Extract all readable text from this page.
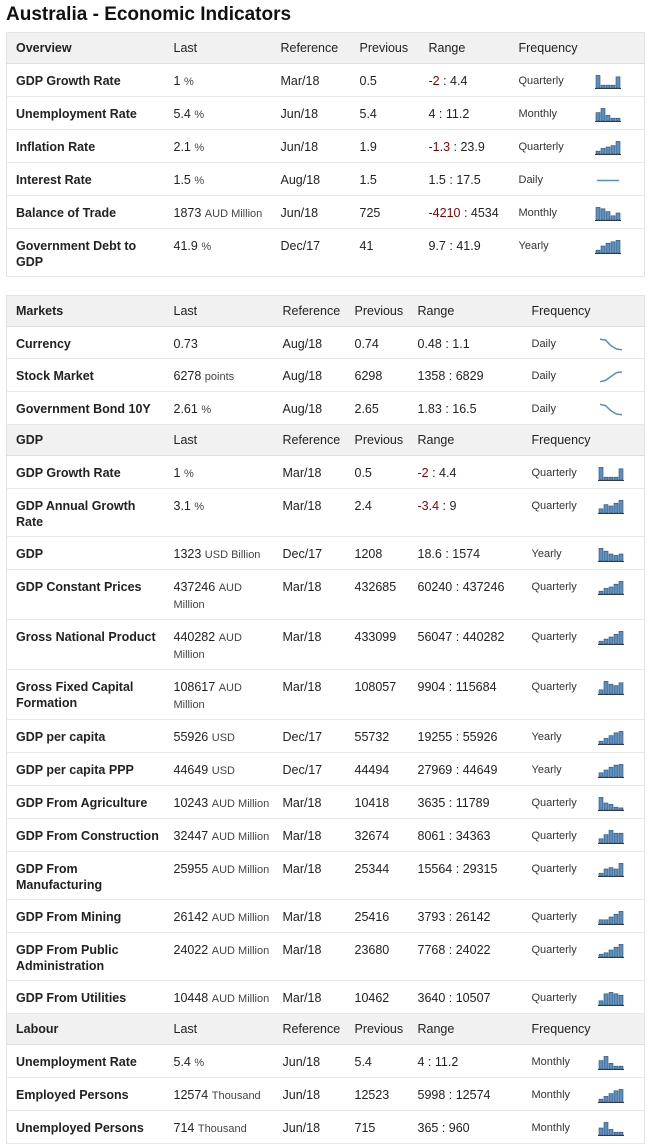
Australia - Economic Indicators
Overview	Last	Reference	Previous	Range	Frequency	
GDP Growth Rate	1 %	Mar/18	0.5	-2 : 4.4	Quarterly	

Unemployment Rate	5.4 %	Jun/18	5.4	4 : 11.2	Monthly	

Inflation Rate	2.1 %	Jun/18	1.9	-1.3 : 23.9	Quarterly	

Interest Rate	1.5 %	Aug/18	1.5	1.5 : 17.5	Daily	

Balance of Trade	1873 AUD Million	Jun/18	725	-4210 : 4534	Monthly	

Government Debt to GDP	41.9 %	Dec/17	41	9.7 : 41.9	Yearly	
Markets	Last	Reference	Previous	Range	Frequency	
Currency	0.73	Aug/18	0.74	0.48 : 1.1	Daily	

Stock Market	6278 points	Aug/18	6298	1358 : 6829	Daily	

Government Bond 10Y	2.61 %	Aug/18	2.65	1.83 : 16.5	Daily	

GDP	Last	Reference	Previous	Range	Frequency	
GDP Growth Rate	1 %	Mar/18	0.5	-2 : 4.4	Quarterly	

GDP Annual Growth Rate	3.1 %	Mar/18	2.4	-3.4 : 9	Quarterly	

GDP	1323 USD Billion	Dec/17	1208	18.6 : 1574	Yearly	

GDP Constant Prices	437246 AUD Million	Mar/18	432685	60240 : 437246	Quarterly	

Gross National Product	440282 AUD Million	Mar/18	433099	56047 : 440282	Quarterly	

Gross Fixed Capital Formation	108617 AUD Million	Mar/18	108057	9904 : 115684	Quarterly	

GDP per capita	55926 USD	Dec/17	55732	19255 : 55926	Yearly	

GDP per capita PPP	44649 USD	Dec/17	44494	27969 : 44649	Yearly	

GDP From Agriculture	10243 AUD Million	Mar/18	10418	3635 : 11789	Quarterly	

GDP From Construction	32447 AUD Million	Mar/18	32674	8061 : 34363	Quarterly	

GDP From Manufacturing	25955 AUD Million	Mar/18	25344	15564 : 29315	Quarterly	

GDP From Mining	26142 AUD Million	Mar/18	25416	3793 : 26142	Quarterly	

GDP From Public Administration	24022 AUD Million	Mar/18	23680	7768 : 24022	Quarterly	

GDP From Utilities	10448 AUD Million	Mar/18	10462	3640 : 10507	Quarterly	

Labour	Last	Reference	Previous	Range	Frequency	
Unemployment Rate	5.4 %	Jun/18	5.4	4 : 11.2	Monthly	

Employed Persons	12574 Thousand	Jun/18	12523	5998 : 12574	Monthly	

Unemployed Persons	714 Thousand	Jun/18	715	365 : 960	Monthly	
